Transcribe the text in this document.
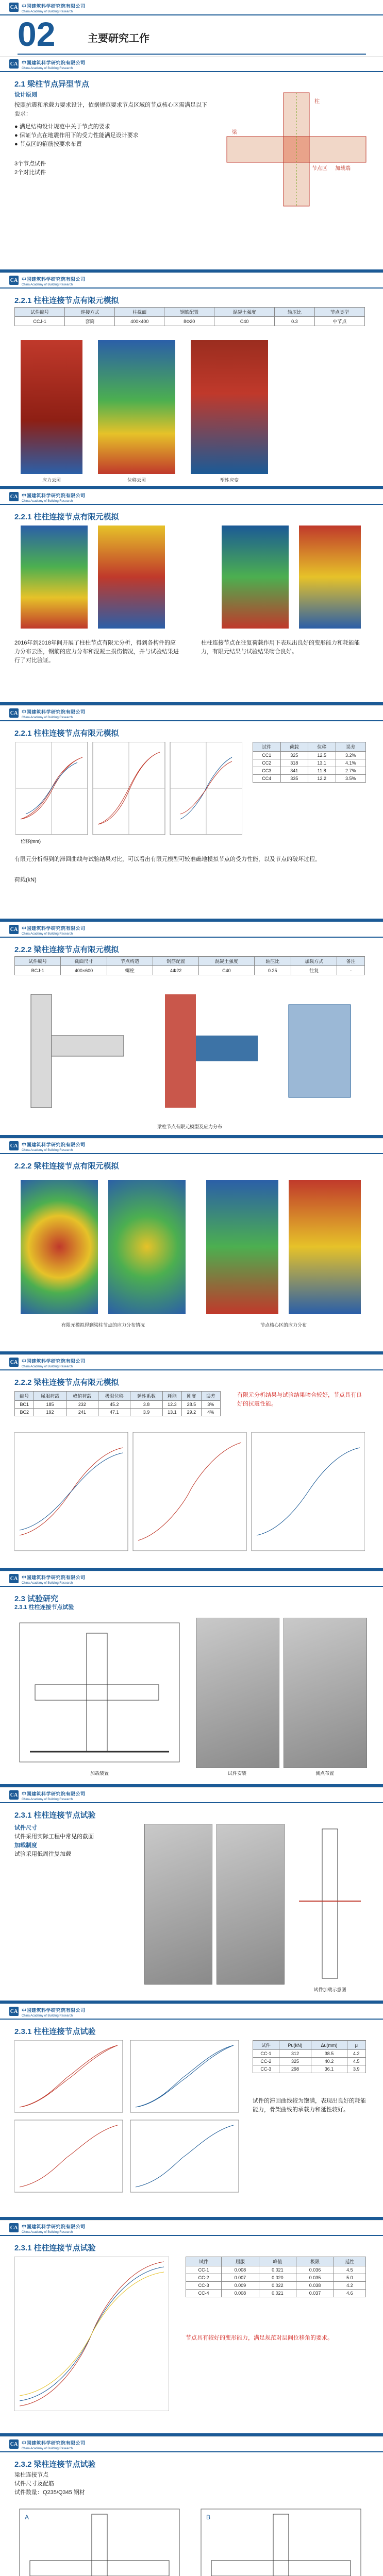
CA 中国建筑科学研究院有限公司
China Academy of Building Research
02	主要研究工作
CA 中国建筑科学研究院有限公司
China Academy of Building Research
2.1 梁柱节点异型节点
设计原则
按照抗震和承载力要求设计，依据规范要求节点区域的节点核心区需满足以下要求：
● 满足结构设计规范中关于节点的要求
● 保证节点在地震作用下的受力性能满足设计要求
● 节点区的箍筋按要求布置
3个节点试件
2个对比试件
柱
梁
节点区 加载端
CA 中国建筑科学研究院有限公司
China Academy of Building Research
2.2.1 柱柱连接节点有限元模拟
试件编号	连接方式	柱截面	钢筋配置	混凝土强度	轴压比	节点类型
CCJ-1	套筒	400×400	8Φ20	C40	0.3	中节点
应力云图	位移云图	塑性应变
CA 中国建筑科学研究院有限公司
China Academy of Building Research
2.2.1 柱柱连接节点有限元模拟
2016年到2018年间开展了柱柱节点有限元分析，得到各构件的应力分布云图，钢筋的应力分布和混凝土损伤情况，并与试验结果进行了对比验证。
柱柱连接节点在往复荷载作用下表现出良好的变形能力和耗能能力，有限元结果与试验结果吻合良好。
CA 中国建筑科学研究院有限公司
China Academy of Building Research
2.2.1 柱柱连接节点有限元模拟
位移(mm)
试件	荷载	位移	误差
CC1	325	12.5	3.2%
CC2	318	13.1	4.1%
CC3	341	11.8	2.7%
CC4	335	12.2	3.5%
有限元分析得到的滞回曲线与试验结果对比，可以看出有限元模型可较准确地模拟节点的受力性能，以及节点的破坏过程。
荷载(kN)
CA 中国建筑科学研究院有限公司
China Academy of Building Research
2.2.2 梁柱连接节点有限元模拟
试件编号	截面尺寸	节点构造	钢筋配置	混凝土强度	轴压比	加载方式	备注
BCJ-1	400×600	螺栓	4Φ22	C40	0.25	往复	-
梁柱节点有限元模型及应力分布
CA 中国建筑科学研究院有限公司
China Academy of Building Research
2.2.2 梁柱连接节点有限元模拟
有限元模拟得到梁柱节点的应力分布情况	节点核心区的应力分布
CA 中国建筑科学研究院有限公司
China Academy of Building Research
2.2.2 梁柱连接节点有限元模拟
编号	屈服荷载	峰值荷载	极限位移	延性系数	耗能	刚度	误差
BC1	185	232	45.2	3.8	12.3	28.5	3%
BC2	192	241	47.1	3.9	13.1	29.2	4%
有限元分析结果与试验结果吻合较好，节点具有良好的抗震性能。
CA 中国建筑科学研究院有限公司
China Academy of Building Research
2.3 试验研究
2.3.1 柱柱连接节点试验
加载装置	试件安装	测点布置
CA 中国建筑科学研究院有限公司
China Academy of Building Research
2.3.1 柱柱连接节点试验
试件尺寸
试件采用实际工程中常见的截面
加载制度
试验采用低周往复加载
试件加载示意图
CA 中国建筑科学研究院有限公司
China Academy of Building Research
2.3.1 柱柱连接节点试验
试件	Pu(kN)	Δu(mm)	μ
CC-1	312	38.5	4.2
CC-2	325	40.2	4.5
CC-3	298	36.1	3.9
试件的滞回曲线较为饱满，表现出良好的耗能能力，骨架曲线的承载力和延性较好。
CA 中国建筑科学研究院有限公司
China Academy of Building Research
2.3.1 柱柱连接节点试验
试件	屈服	峰值	极限	延性
CC-1	0.008	0.021	0.036	4.5
CC-2	0.007	0.020	0.035	5.0
CC-3	0.009	0.022	0.038	4.2
CC-4	0.008	0.021	0.037	4.6
节点具有较好的变形能力，满足规范对层间位移角的要求。
CA 中国建筑科学研究院有限公司
China Academy of Building Research
2.3.2 梁柱连接节点试验
梁柱连接节点
试件尺寸及配筋
试件数量：Q235/Q345 钢材
A	B
